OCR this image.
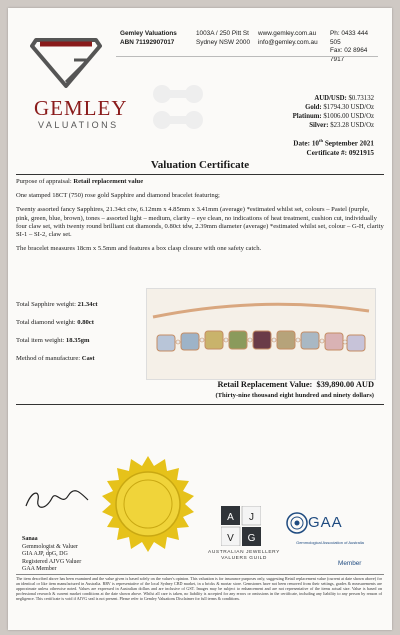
GEMLEY
VALUATIONS
Gemley Valuations
ABN 71192907017
1003A / 250 Pitt St
Sydney NSW 2000
www.gemley.com.au
info@gemley.com.au
Ph: 0433 444 505
Fax: 02 8964 7917
AUD/USD: $0.73132
Gold: $1794.30 USD/Oz
Platinum: $1006.00 USD/Oz
Silver: $23.28 USD/Oz
Date: 10th September 2021
Certificate #: 0921915
Valuation Certificate

Purpose of appraisal: Retail replacement value

One stamped 18CT (750) rose gold Sapphire and diamond bracelet featuring;

Twenty assorted fancy Sapphires, 21.34ct ctw, 6.12mm x 4.85mm x 3.41mm (average) *estimated whilst set, colours – Pastel (purple, pink, green, blue, brown), tones – assorted light – medium, clarity – eye clean, no indications of heat treatment, cushion cut, individually four claw set, with twenty round brilliant cut diamonds, 0.80ct tdw, 2.39mm diameter (average) *estimated whilst set, colour – G-H, clarity SI-1 – SI-2, claw set.

The bracelet measures 18cm x 5.5mm and features a box clasp closure with one safety catch.

Total Sapphire weight: 21.34ct
Total diamond weight: 0.80ct
Total item weight: 18.35gm
Method of manufacture: Cast
Retail Replacement Value: $39,890.00 AUD
(Thirty-nine thousand eight hundred and ninety dollars)
Sanaa
Gemmologist & Valuer
GIA AJP, dpG, DG
Registered AJVG Valuer
GAA Member
A J
V G
AUSTRALIAN JEWELLERY
VALUERS GUILD
GAA
Gemmological Association of Australia
Member
The item described above has been examined and the value given is based solely on the valuer's opinion. This valuation is for insurance purposes only, suggesting Retail replacement value (current at date shown above) for an identical or like item manufactured in Australia. RRV is representative of the local Sydney CBD market, in a bricks & mortar store. Gemstones have not been removed from their settings, grades & measurements are approximate unless otherwise noted. Values are expressed in Australian dollars and are inclusive of GST. Images may be subject to enhancement and are not representative of the items actual size. Value is based on professional research & current market conditions at the date shown above. Whilst all care is taken, no liability is accepted for any errors or omissions in the certificate, including any liability to any person by reason of negligence. This certificate is void if AJVG seal is not present. Please refer to Gemley Valuations Disclaimer for full terms & conditions.
